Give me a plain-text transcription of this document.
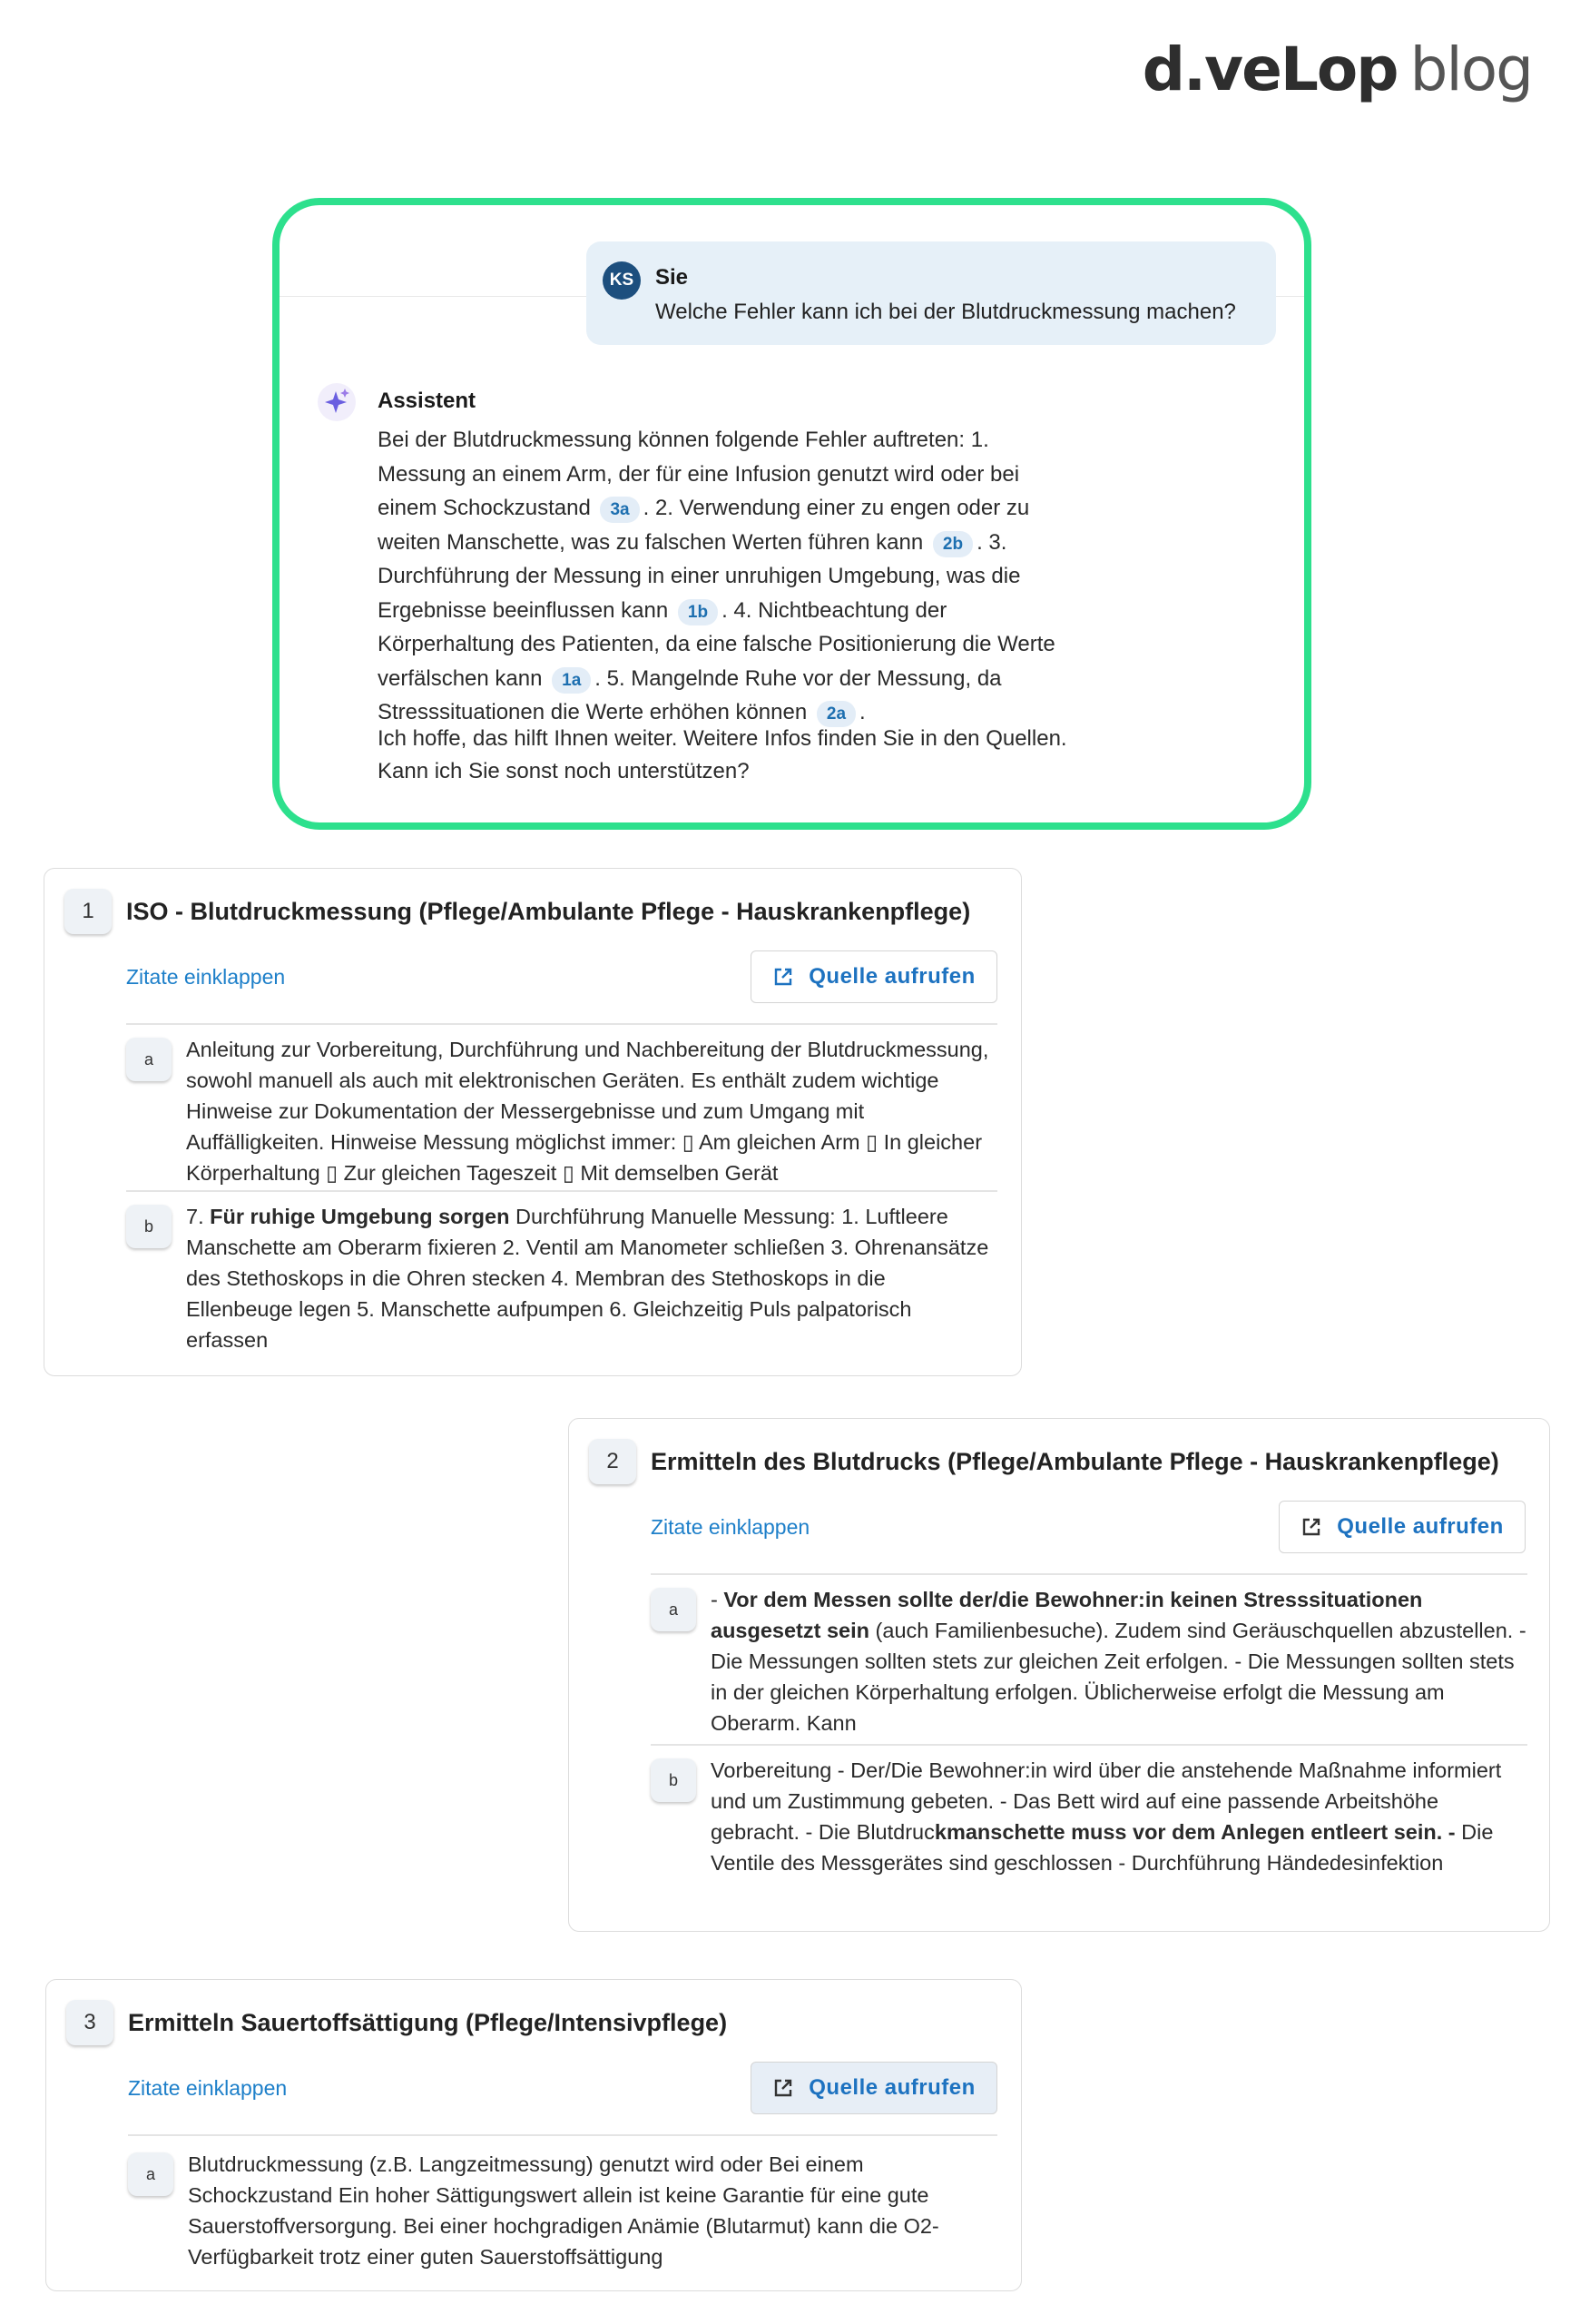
d.veLop blog
KS Sie
Welche Fehler kann ich bei der Blutdruckmessung machen?
Assistent
Bei der Blutdruckmessung können folgende Fehler auftreten: 1. Messung an einem Arm, der für eine Infusion genutzt wird oder bei einem Schockzustand 3a . 2. Verwendung einer zu engen oder zu weiten Manschette, was zu falschen Werten führen kann 2b . 3. Durchführung der Messung in einer unruhigen Umgebung, was die Ergebnisse beeinflussen kann 1b . 4. Nichtbeachtung der Körperhaltung des Patienten, da eine falsche Positionierung die Werte verfälschen kann 1a . 5. Mangelnde Ruhe vor der Messung, da Stresssituationen die Werte erhöhen können 2a .
Ich hoffe, das hilft Ihnen weiter. Weitere Infos finden Sie in den Quellen. Kann ich Sie sonst noch unterstützen?
1	ISO - Blutdruckmessung (Pflege/Ambulante Pflege - Hauskrankenpflege)
Zitate einklappen	Quelle aufrufen
a	Anleitung zur Vorbereitung, Durchführung und Nachbereitung der Blutdruckmessung, sowohl manuell als auch mit elektronischen Geräten. Es enthält zudem wichtige Hinweise zur Dokumentation der Messergebnisse und zum Umgang mit Auffälligkeiten. Hinweise Messung möglichst immer: ▯ Am gleichen Arm ▯ In gleicher Körperhaltung ▯ Zur gleichen Tageszeit ▯ Mit demselben Gerät
b	7. Für ruhige Umgebung sorgen Durchführung Manuelle Messung: 1. Luftleere Manschette am Oberarm fixieren 2. Ventil am Manometer schließen 3. Ohrenansätze des Stethoskops in die Ohren stecken 4. Membran des Stethoskops in die Ellenbeuge legen 5. Manschette aufpumpen 6. Gleichzeitig Puls palpatorisch erfassen
2	Ermitteln des Blutdrucks (Pflege/Ambulante Pflege - Hauskrankenpflege)
Zitate einklappen	Quelle aufrufen
a	- Vor dem Messen sollte der/die Bewohner:in keinen Stresssituationen ausgesetzt sein (auch Familienbesuche). Zudem sind Geräuschquellen abzustellen. - Die Messungen sollten stets zur gleichen Zeit erfolgen. - Die Messungen sollten stets in der gleichen Körperhaltung erfolgen. Üblicherweise erfolgt die Messung am Oberarm. Kann
b	Vorbereitung - Der/Die Bewohner:in wird über die anstehende Maßnahme informiert und um Zustimmung gebeten. - Das Bett wird auf eine passende Arbeitshöhe gebracht. - Die Blutdruckmanschette muss vor dem Anlegen entleert sein. - Die Ventile des Messgerätes sind geschlossen - Durchführung Händedesinfektion
3	Ermitteln Sauertoffsättigung (Pflege/Intensivpflege)
Zitate einklappen	Quelle aufrufen
a	Blutdruckmessung (z.B. Langzeitmessung) genutzt wird oder Bei einem Schockzustand Ein hoher Sättigungswert allein ist keine Garantie für eine gute Sauerstoffversorgung. Bei einer hochgradigen Anämie (Blutarmut) kann die O2-Verfügbarkeit trotz einer guten Sauerstoffsättigung
